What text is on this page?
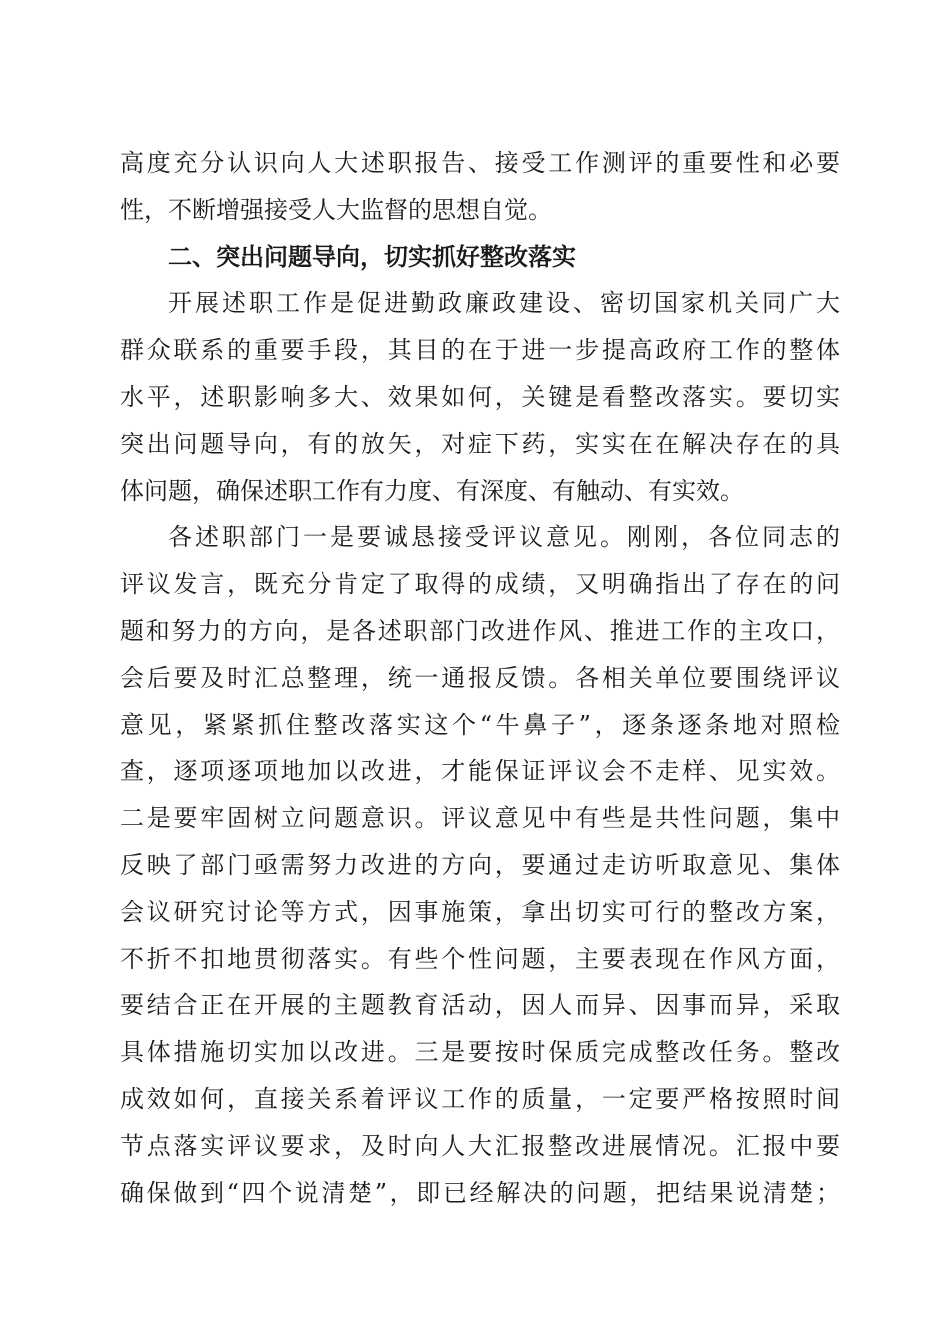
高度充分认识向人大述职报告、接受工作测评的重要性和必要
性，不断增强接受人大监督的思想自觉。
二、突出问题导向，切实抓好整改落实
开展述职工作是促进勤政廉政建设、密切国家机关同广大
群众联系的重要手段，其目的在于进一步提高政府工作的整体
水平，述职影响多大、效果如何，关键是看整改落实。要切实
突出问题导向，有的放矢，对症下药，实实在在解决存在的具
体问题，确保述职工作有力度、有深度、有触动、有实效。
各述职部门一是要诚恳接受评议意见。刚刚，各位同志的
评议发言，既充分肯定了取得的成绩，又明确指出了存在的问
题和努力的方向，是各述职部门改进作风、推进工作的主攻口，
会后要及时汇总整理，统一通报反馈。各相关单位要围绕评议
意见，紧紧抓住整改落实这个“牛鼻子”，逐条逐条地对照检
查，逐项逐项地加以改进，才能保证评议会不走样、见实效。
二是要牢固树立问题意识。评议意见中有些是共性问题，集中
反映了部门亟需努力改进的方向，要通过走访听取意见、集体
会议研究讨论等方式，因事施策，拿出切实可行的整改方案，
不折不扣地贯彻落实。有些个性问题，主要表现在作风方面，
要结合正在开展的主题教育活动，因人而异、因事而异，采取
具体措施切实加以改进。三是要按时保质完成整改任务。整改
成效如何，直接关系着评议工作的质量，一定要严格按照时间
节点落实评议要求，及时向人大汇报整改进展情况。汇报中要
确保做到“四个说清楚”，即已经解决的问题，把结果说清楚；
